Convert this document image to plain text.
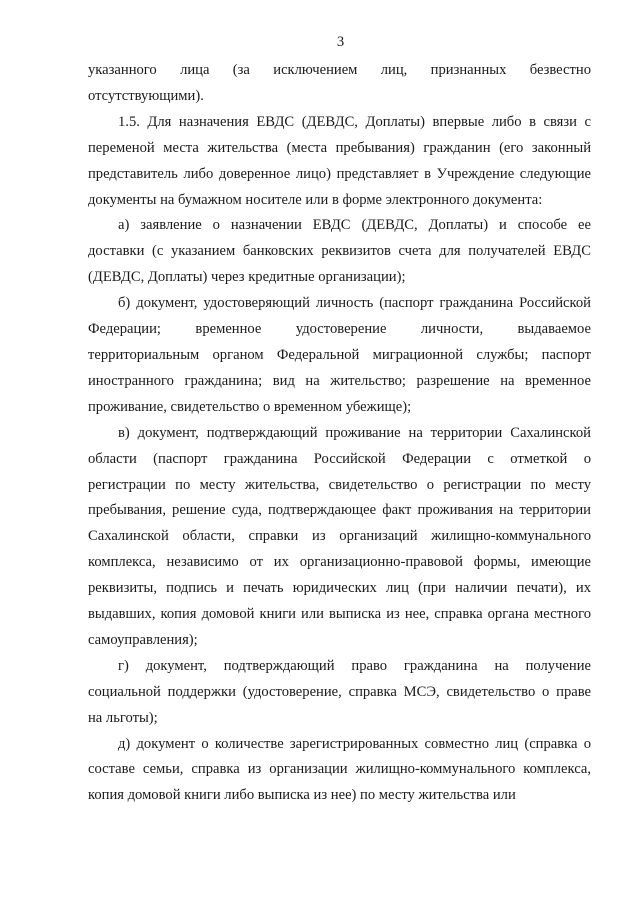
3

указанного лица (за исключением лиц, признанных безвестно
отсутствующими).

1.5. Для назначения ЕВДС (ДЕВДС, Доплаты) впервые либо в связи с
переменой места жительства (места пребывания) гражданин (его законный
представитель либо доверенное лицо) представляет в Учреждение следующие
документы на бумажном носителе или в форме электронного документа:

а) заявление о назначении ЕВДС (ДЕВДС, Доплаты) и способе ее
доставки (с указанием банковских реквизитов счета для получателей ЕВДС
(ДЕВДС, Доплаты) через кредитные организации);

б) документ, удостоверяющий личность (паспорт гражданина Российской
Федерации; временное удостоверение личности, выдаваемое
территориальным органом Федеральной миграционной службы; паспорт
иностранного гражданина; вид на жительство; разрешение на временное
проживание, свидетельство о временном убежище);

в) документ, подтверждающий проживание на территории Сахалинской
области (паспорт гражданина Российской Федерации с отметкой о
регистрации по месту жительства, свидетельство о регистрации по месту
пребывания, решение суда, подтверждающее факт проживания на территории
Сахалинской области, справки из организаций жилищно-коммунального
комплекса, независимо от их организационно-правовой формы, имеющие
реквизиты, подпись и печать юридических лиц (при наличии печати), их
выдавших, копия домовой книги или выписка из нее, справка органа местного
самоуправления);

г) документ, подтверждающий право гражданина на получение
социальной поддержки (удостоверение, справка МСЭ, свидетельство о праве
на льготы);

д) документ о количестве зарегистрированных совместно лиц (справка о
составе семьи, справка из организации жилищно-коммунального комплекса,
копия домовой книги либо выписка из нее) по месту жительства или
